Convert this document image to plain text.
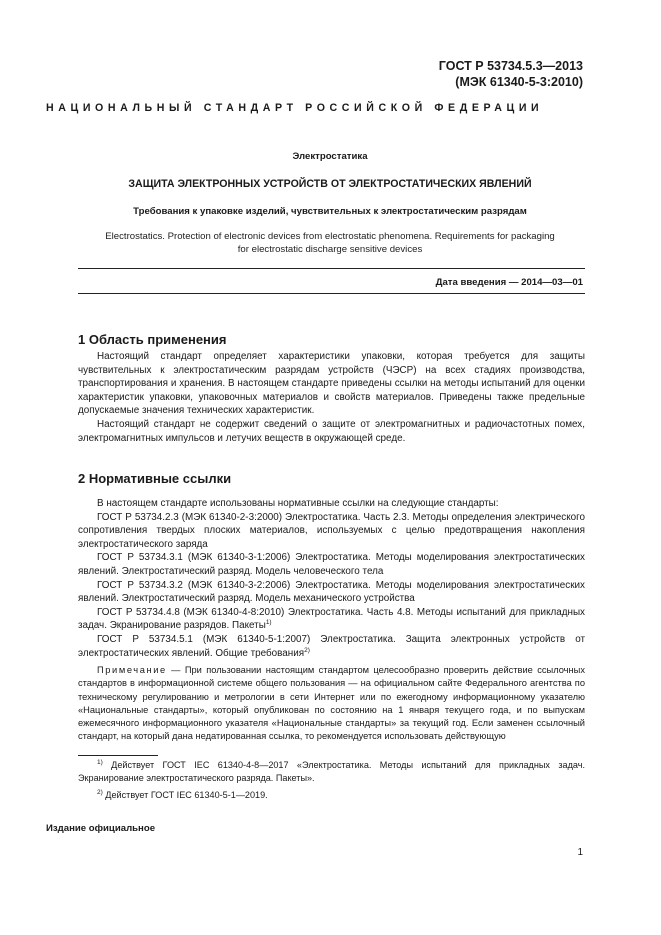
ГОСТ Р 53734.5.3—2013
(МЭК 61340-5-3:2010)
НАЦИОНАЛЬНЫЙ СТАНДАРТ РОССИЙСКОЙ ФЕДЕРАЦИИ
Электростатика
ЗАЩИТА ЭЛЕКТРОННЫХ УСТРОЙСТВ ОТ ЭЛЕКТРОСТАТИЧЕСКИХ ЯВЛЕНИЙ
Требования к упаковке изделий, чувствительных к электростатическим разрядам
Electrostatics. Protection of electronic devices from electrostatic phenomena. Requirements for packaging
for electrostatic discharge sensitive devices
Дата введения — 2014—03—01
1 Область применения

Настоящий стандарт определяет характеристики упаковки, которая требуется для защиты чувствительных к электростатическим разрядам устройств (ЧЭСР) на всех стадиях производства, транспортирования и хранения. В настоящем стандарте приведены ссылки на методы испытаний для оценки характеристик упаковки, упаковочных материалов и свойств материалов. Приведены также предельные допускаемые значения технических характеристик.

Настоящий стандарт не содержит сведений о защите от электромагнитных и радиочастотных помех, электромагнитных импульсов и летучих веществ в окружающей среде.

2 Нормативные ссылки

В настоящем стандарте использованы нормативные ссылки на следующие стандарты:

ГОСТ Р 53734.2.3 (МЭК 61340-2-3:2000) Электростатика. Часть 2.3. Методы определения электрического сопротивления твердых плоских материалов, используемых с целью предотвращения накопления электростатического заряда

ГОСТ Р 53734.3.1 (МЭК 61340-3-1:2006) Электростатика. Методы моделирования электростатических явлений. Электростатический разряд. Модель человеческого тела

ГОСТ Р 53734.3.2 (МЭК 61340-3-2:2006) Электростатика. Методы моделирования электростатических явлений. Электростатический разряд. Модель механического устройства

ГОСТ Р 53734.4.8 (МЭК 61340-4-8:2010) Электростатика. Часть 4.8. Методы испытаний для прикладных задач. Экранирование разрядов. Пакеты$^{1)}$

ГОСТ Р 53734.5.1 (МЭК 61340-5-1:2007) Электростатика. Защита электронных устройств от электростатических явлений. Общие требования$^{2)}$

Примечание — При пользовании настоящим стандартом целесообразно проверить действие ссылочных стандартов в информационной системе общего пользования — на официальном сайте Федерального агентства по техническому регулированию и метрологии в сети Интернет или по ежегодному информационному указателю «Национальные стандарты», который опубликован по состоянию на 1 января текущего года, и по выпускам ежемесячного информационного указателя «Национальные стандарты» за текущий год. Если заменен ссылочный стандарт, на который дана недатированная ссылка, то рекомендуется использовать действующую

$^{1)}$ Действует ГОСТ IEC 61340-4-8—2017 «Электростатика. Методы испытаний для прикладных задач. Экранирование электростатического разряда. Пакеты».

$^{2)}$ Действует ГОСТ IEC 61340-5-1—2019.

Издание официальное
1
